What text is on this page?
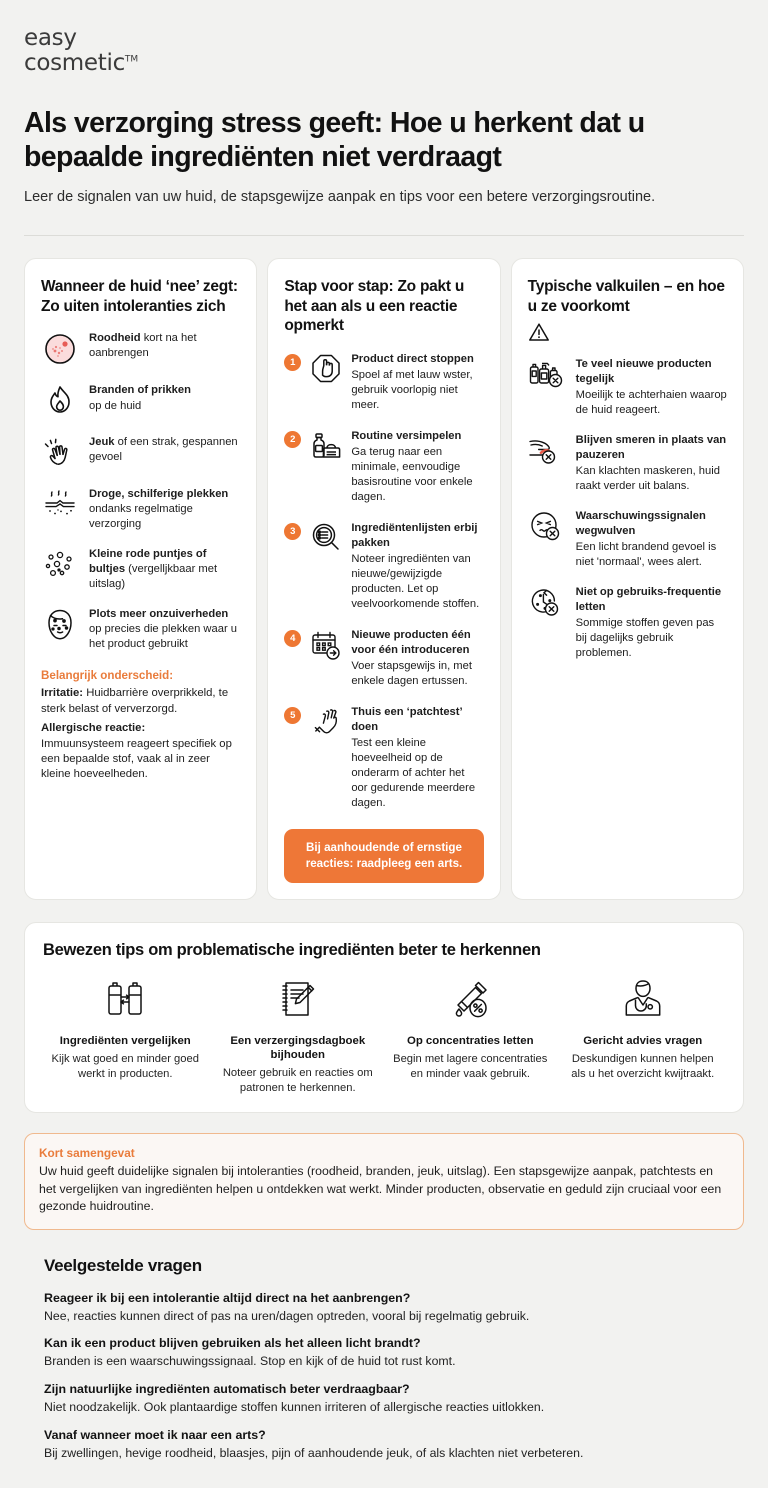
easy
cosmetic™
Als verzorging stress geeft: Hoe u herkent dat u bepaalde ingrediënten niet verdraagt

Leer de signalen van uw huid, de stapsgewijze aanpak en tips voor een betere verzorgingsroutine.

Wanneer de huid ‘nee’ zegt: Zo uiten intoleranties zich
Roodheid kort na het oanbrengen
Branden of prikken
op de huid
Jeuk of een strak, gespannen gevoel
Droge, schilferige plekken ondanks regelmatige verzorging
Kleine rode puntjes of bultjes (vergelljkbaar met uitslag)
Plots meer onzuiverheden op precies die plekken waar u het product gebruikt
Belangrijk onderscheid:

Irritatie: Huidbarrière overprikkeld, te sterk belast of ververzorgd.

Allergische reactie:
Immuunsysteem reageert specifiek op een bepaalde stof, vaak al in zeer kleine hoeveelheden.

Stap voor stap: Zo pakt u het aan als u een reactie opmerkt
1	Product direct stoppen
Spoel af met lauw wster, gebruik voorlopig niet meer.
2	Routine versimpelen
Ga terug naar een minimale, eenvoudige basisroutine voor enkele dagen.
3	Ingrediëntenlijsten erbij pakken
Noteer ingrediënten van nieuwe/gewijzigde producten. Let op veelvoorkomende stoffen.
4	Nieuwe producten één voor één introduceren
Voer stapsgewijs in, met enkele dagen ertussen.
5	Thuis een ‘patchtest’ doen
Test een kleine hoeveelheid op de onderarm of achter het oor gedurende meerdere dagen.
Bij aanhoudende of ernstige reacties: raadpleeg een arts.
Typische valkuilen – en hoe u ze voorkomt
Te veel nieuwe producten tegelijk
Moeilijk te achterhaien waarop de huid reageert.
Blijven smeren in plaats van pauzeren
Kan klachten maskeren, huid raakt verder uit balans.
Waarschuwingssignalen wegwulven
Een licht brandend gevoel is niet 'normaal', wees alert.
Niet op gebruiks-frequentie letten
Sommige stoffen geven pas bij dagelijks gebruik problemen.
Bewezen tips om problematische ingrediënten beter te herkennen
Ingrediënten vergelijken
Kijk wat goed en minder goed werkt in producten.
Een verzergingsdagboek bijhouden
Noteer gebruik en reacties om patronen te herkennen.
Op concentraties letten
Begin met lagere concentraties en minder vaak gebruik.
Gericht advies vragen
Deskundigen kunnen helpen als u het overzicht kwijtraakt.
Kort samengevat

Uw huid geeft duidelijke signalen bij intoleranties (roodheid, branden, jeuk, uitslag). Een stapsgewijze aanpak, patchtests en het vergelijken van ingrediënten helpen u ontdekken wat werkt. Minder producten, observatie en geduld zijn cruciaal voor een gezonde huidroutine.

Veelgestelde vragen
Reageer ik bij een intolerantie altijd direct na het aanbrengen?
Nee, reacties kunnen direct of pas na uren/dagen optreden, vooral bij regelmatig gebruik.
Kan ik een product blijven gebruiken als het alleen licht brandt?
Branden is een waarschuwingssignaal. Stop en kijk of de huid tot rust komt.
Zijn natuurlijke ingrediënten automatisch beter verdraagbaar?
Niet noodzakelijk. Ook plantaardige stoffen kunnen irriteren of allergische reacties uitlokken.
Vanaf wanneer moet ik naar een arts?
Bij zwellingen, hevige roodheid, blaasjes, pijn of aanhoudende jeuk, of als klachten niet verbeteren.
